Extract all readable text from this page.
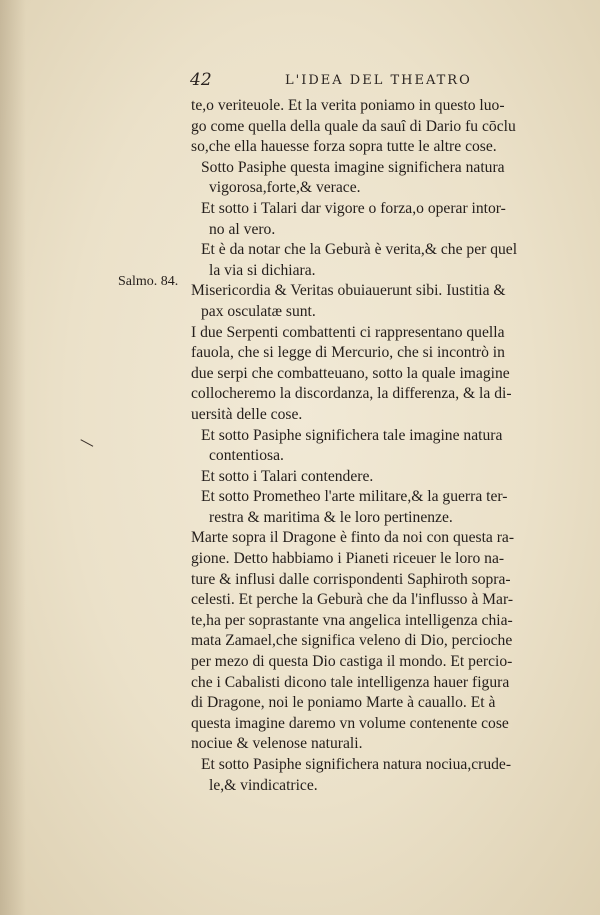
42	L'IDEA DEL THEATRO
Salmo. 84.
te,o veriteuole. Et la verita poniamo in questo luo-
go come quella della quale da sauî di Dario fu cōclu
so,che ella hauesse forza sopra tutte le altre cose.
Sotto Pasiphe questa imagine significhera natura
vigorosa,forte,& verace.
Et sotto i Talari dar vigore o forza,o operar intor-
no al vero.
Et è da notar che la Geburà è verita,& che per quel
la via si dichiara.
Misericordia & Veritas obuiauerunt sibi. Iustitia &
pax osculatæ sunt.
I due Serpenti combattenti ci rappresentano quella
fauola, che si legge di Mercurio, che si incontrò in
due serpi che combatteuano, sotto la quale imagine
collocheremo la discordanza, la differenza, & la di-
uersità delle cose.
Et sotto Pasiphe significhera tale imagine natura
contentiosa.
Et sotto i Talari contendere.
Et sotto Prometheo l'arte militare,& la guerra ter-
restra & maritima & le loro pertinenze.
Marte sopra il Dragone è finto da noi con questa ra-
gione. Detto habbiamo i Pianeti riceuer le loro na-
ture & influsi dalle corrispondenti Saphiroth sopra-
celesti. Et perche la Geburà che da l'influsso à Mar-
te,ha per soprastante vna angelica intelligenza chia-
mata Zamael,che significa veleno di Dio, percioche
per mezo di questa Dio castiga il mondo. Et percio-
che i Cabalisti dicono tale intelligenza hauer figura
di Dragone, noi le poniamo Marte à cauallo. Et à
questa imagine daremo vn volume contenente cose
nociue & velenose naturali.
Et sotto Pasiphe significhera natura nociua,crude-
le,& vindicatrice.
